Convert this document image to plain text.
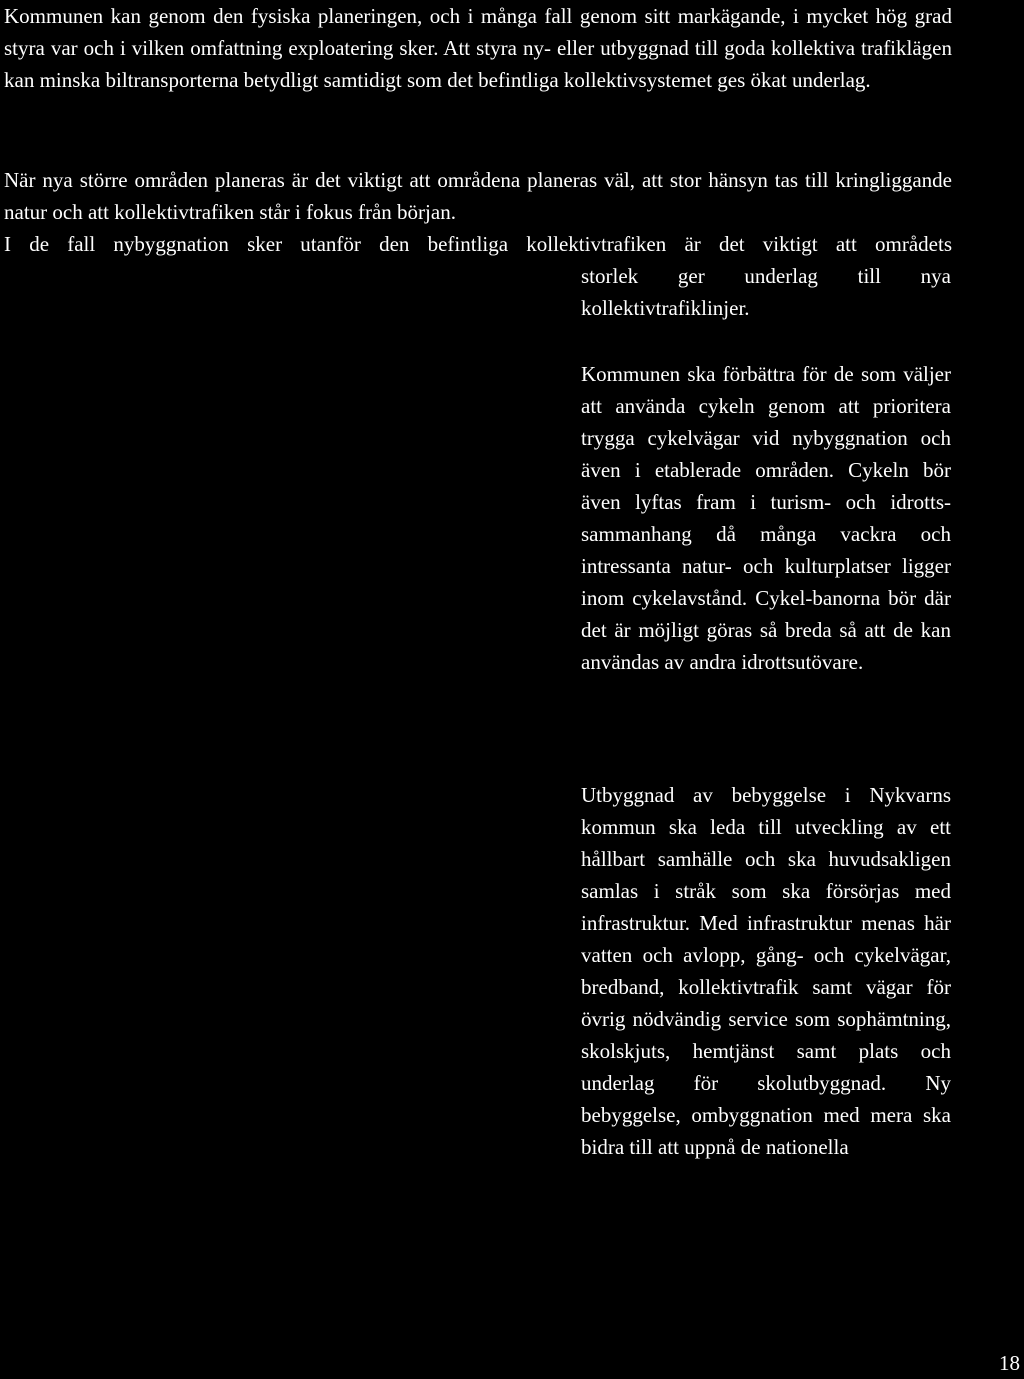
Kommunen kan genom den fysiska planeringen, och i många fall genom sitt markägande, i mycket hög grad styra var och i vilken omfattning exploatering sker. Att styra ny- eller utbyggnad till goda kollektiva trafiklägen kan minska biltransporterna betydligt samtidigt som det befintliga kollektivsystemet ges ökat underlag.

När nya större områden planeras är det viktigt att områdena planeras väl, att stor hänsyn tas till kringliggande natur och att kollektivtrafiken står i fokus från början.

I de fall nybyggnation sker utanför den befintliga kollektivtrafiken är det viktigt att områdets

storlek ger underlag till nya kollektivtrafiklinjer.

Kommunen ska förbättra för de som väljer att använda cykeln genom att prioritera trygga cykelvägar vid nybyggnation och även i etablerade områden. Cykeln bör även lyftas fram i turism- och idrotts-sammanhang då många vackra och intressanta natur- och kulturplatser ligger inom cykelavstånd. Cykel-banorna bör där det är möjligt göras så breda så att de kan användas av andra idrottsutövare.

Utbyggnad av bebyggelse i Nykvarns kommun ska leda till utveckling av ett hållbart samhälle och ska huvudsakligen samlas i stråk som ska försörjas med infrastruktur. Med infrastruktur menas här vatten och avlopp, gång- och cykelvägar, bredband, kollektivtrafik samt vägar för övrig nödvändig service som sophämtning, skolskjuts, hemtjänst samt plats och underlag för skolutbyggnad. Ny bebyggelse, ombyggnation med mera ska bidra till att uppnå de nationella

18
